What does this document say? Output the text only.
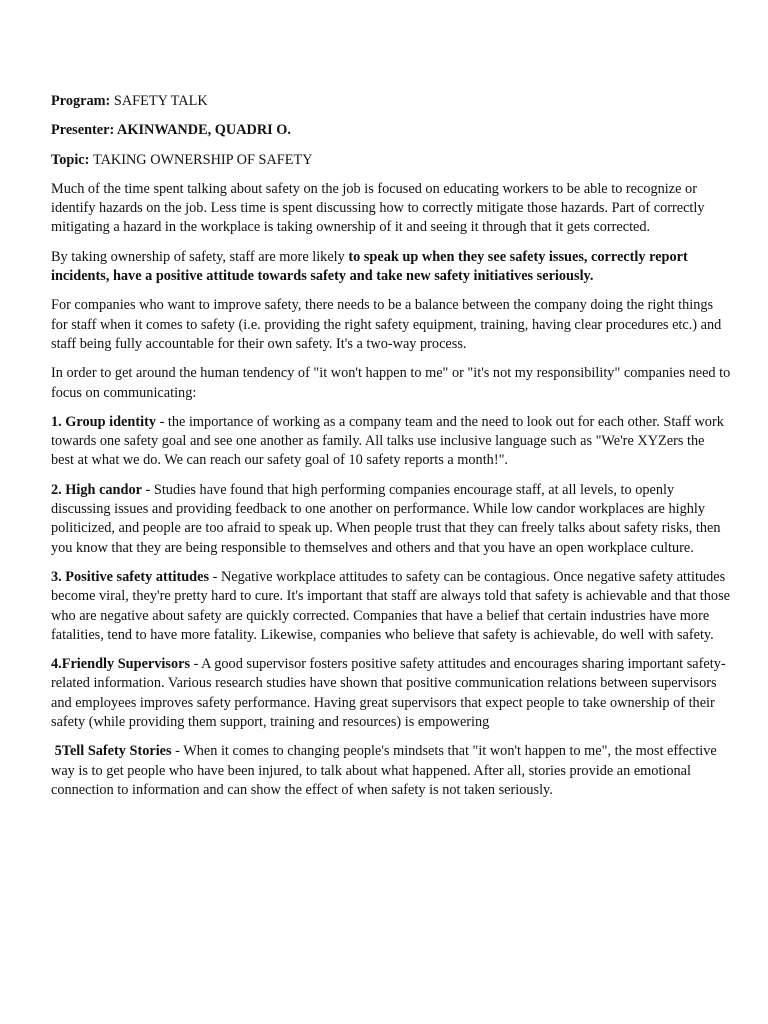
Program: SAFETY TALK

Presenter: AKINWANDE, QUADRI O.

Topic: TAKING OWNERSHIP OF SAFETY

Much of the time spent talking about safety on the job is focused on educating workers to be able to recognize or identify hazards on the job. Less time is spent discussing how to correctly mitigate those hazards. Part of correctly mitigating a hazard in the workplace is taking ownership of it and seeing it through that it gets corrected.

By taking ownership of safety, staff are more likely to speak up when they see safety issues, correctly report incidents, have a positive attitude towards safety and take new safety initiatives seriously.

For companies who want to improve safety, there needs to be a balance between the company doing the right things for staff when it comes to safety (i.e. providing the right safety equipment, training, having clear procedures etc.) and staff being fully accountable for their own safety. It's a two-way process.

In order to get around the human tendency of "it won't happen to me" or "it's not my responsibility" companies need to focus on communicating:

1. Group identity - the importance of working as a company team and the need to look out for each other. Staff work towards one safety goal and see one another as family. All talks use inclusive language such as "We're XYZers the best at what we do. We can reach our safety goal of 10 safety reports a month!".

2. High candor - Studies have found that high performing companies encourage staff, at all levels, to openly discussing issues and providing feedback to one another on performance. While low candor workplaces are highly politicized, and people are too afraid to speak up. When people trust that they can freely talks about safety risks, then you know that they are being responsible to themselves and others and that you have an open workplace culture.

3. Positive safety attitudes - Negative workplace attitudes to safety can be contagious. Once negative safety attitudes become viral, they're pretty hard to cure. It's important that staff are always told that safety is achievable and that those who are negative about safety are quickly corrected. Companies that have a belief that certain industries have more fatalities, tend to have more fatality. Likewise, companies who believe that safety is achievable, do well with safety.

4.Friendly Supervisors - A good supervisor fosters positive safety attitudes and encourages sharing important safety-related information. Various research studies have shown that positive communication relations between supervisors and employees improves safety performance. Having great supervisors that expect people to take ownership of their safety (while providing them support, training and resources) is empowering

5Tell Safety Stories - When it comes to changing people's mindsets that "it won't happen to me", the most effective way is to get people who have been injured, to talk about what happened. After all, stories provide an emotional connection to information and can show the effect of when safety is not taken seriously.
